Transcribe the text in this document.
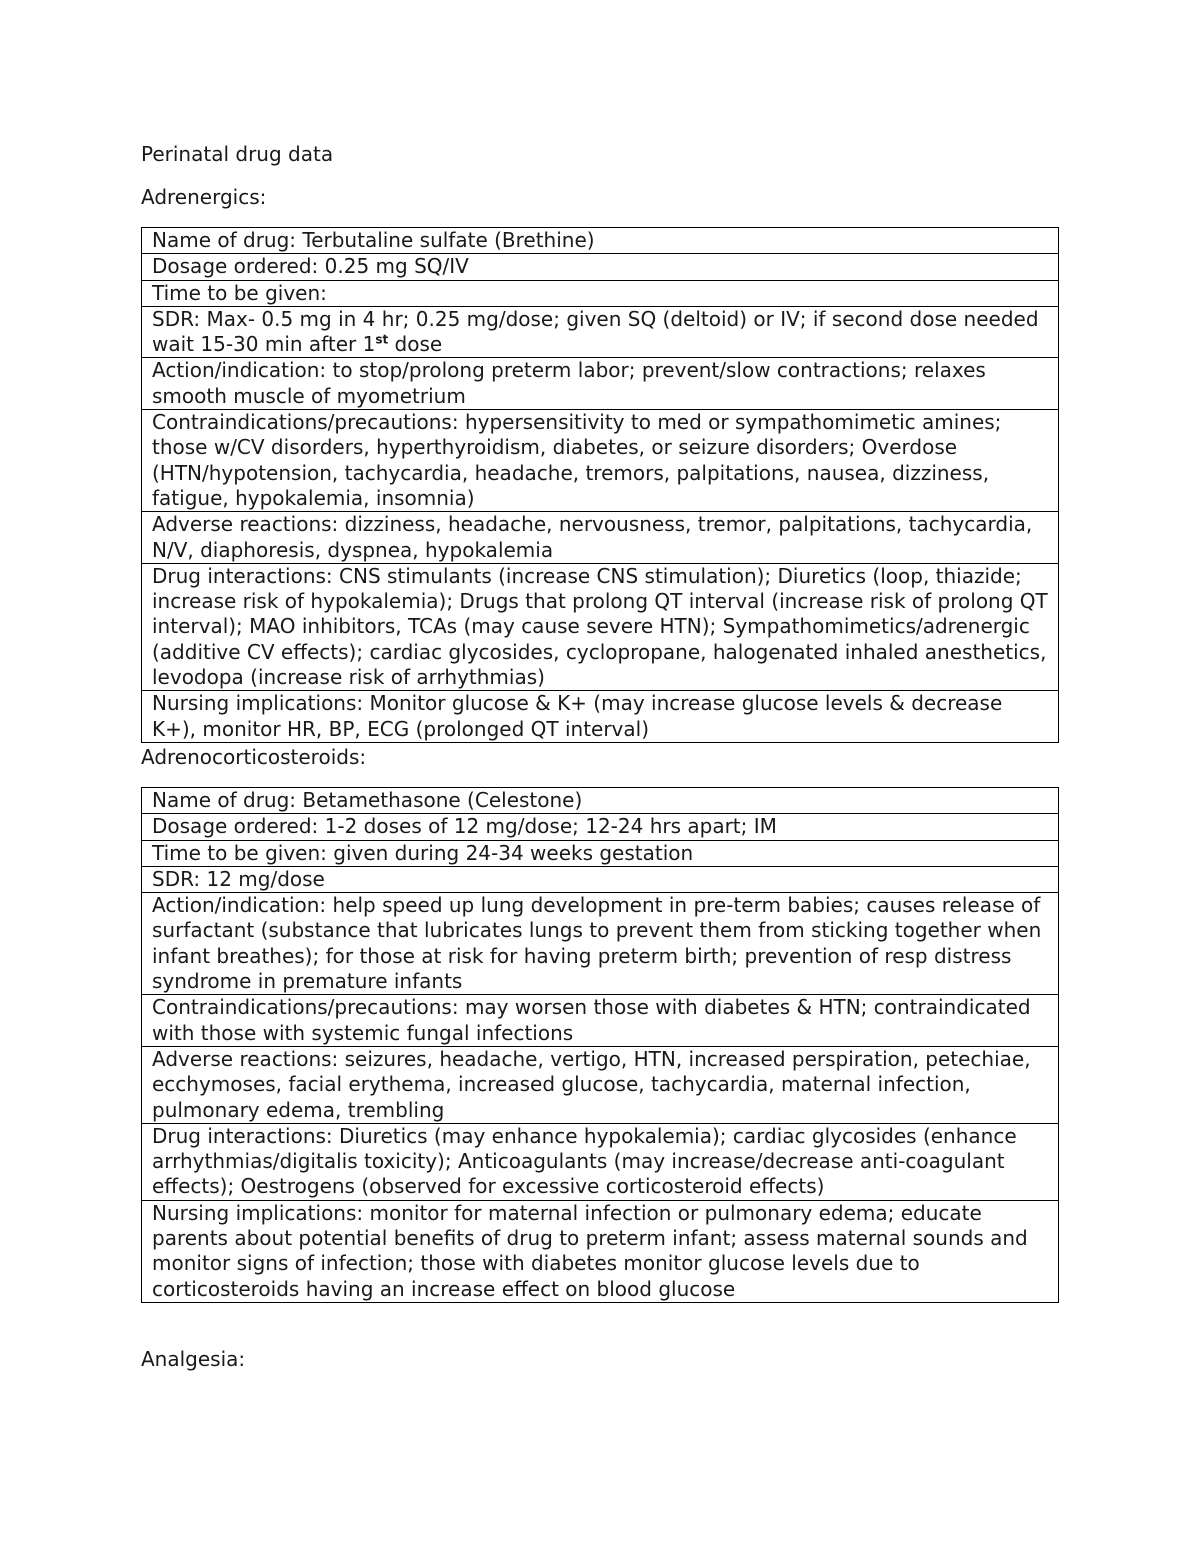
Perinatal drug data

Adrenergics:

Name of drug: Terbutaline sulfate (Brethine)
Dosage ordered: 0.25 mg SQ/IV
Time to be given:
SDR: Max- 0.5 mg in 4 hr; 0.25 mg/dose; given SQ (deltoid) or IV; if second dose needed wait 15-30 min after 1st dose
Action/indication: to stop/prolong preterm labor; prevent/slow contractions; relaxes smooth muscle of myometrium
Contraindications/precautions: hypersensitivity to med or sympathomimetic amines; those w/CV disorders, hyperthyroidism, diabetes, or seizure disorders; Overdose (HTN/hypotension, tachycardia, headache, tremors, palpitations, nausea, dizziness, fatigue, hypokalemia, insomnia)
Adverse reactions: dizziness, headache, nervousness, tremor, palpitations, tachycardia, N/V, diaphoresis, dyspnea, hypokalemia
Drug interactions: CNS stimulants (increase CNS stimulation); Diuretics (loop, thiazide; increase risk of hypokalemia); Drugs that prolong QT interval (increase risk of prolong QT interval); MAO inhibitors, TCAs (may cause severe HTN); Sympathomimetics/adrenergic (additive CV effects); cardiac glycosides, cyclopropane, halogenated inhaled anesthetics, levodopa (increase risk of arrhythmias)
Nursing implications: Monitor glucose & K+ (may increase glucose levels & decrease K+), monitor HR, BP, ECG (prolonged QT interval)

Adrenocorticosteroids:

Name of drug: Betamethasone (Celestone)
Dosage ordered: 1-2 doses of 12 mg/dose; 12-24 hrs apart; IM
Time to be given: given during 24-34 weeks gestation
SDR: 12 mg/dose
Action/indication: help speed up lung development in pre-term babies; causes release of surfactant (substance that lubricates lungs to prevent them from sticking together when infant breathes); for those at risk for having preterm birth; prevention of resp distress syndrome in premature infants
Contraindications/precautions: may worsen those with diabetes & HTN; contraindicated with those with systemic fungal infections
Adverse reactions: seizures, headache, vertigo, HTN, increased perspiration, petechiae, ecchymoses, facial erythema, increased glucose, tachycardia, maternal infection, pulmonary edema, trembling
Drug interactions: Diuretics (may enhance hypokalemia); cardiac glycosides (enhance arrhythmias/digitalis toxicity); Anticoagulants (may increase/decrease anti-coagulant effects); Oestrogens (observed for excessive corticosteroid effects)
Nursing implications: monitor for maternal infection or pulmonary edema; educate parents about potential benefits of drug to preterm infant; assess maternal sounds and monitor signs of infection; those with diabetes monitor glucose levels due to corticosteroids having an increase effect on blood glucose

Analgesia:
